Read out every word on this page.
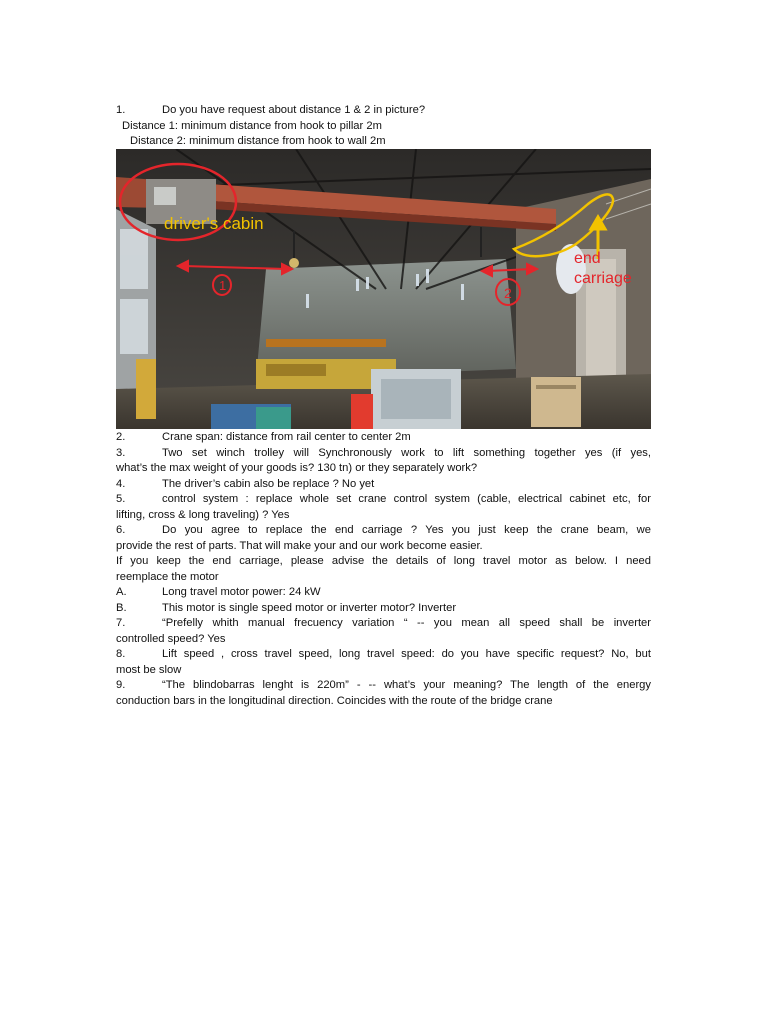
1.	Do you have request about distance 1 & 2 in picture?
Distance 1: minimum distance from hook to pillar 2m
Distance 2: minimum distance from hook to wall 2m
driver's cabin
1	2
end
carriage
2.	Crane span: distance from rail center to center 2m
3.	Two set winch trolley will Synchronously work to lift something together yes (if yes,
what’s the max weight of your goods is? 130 tn) or they separately work?
4.	The driver’s cabin also be replace ? No yet
5.	control system : replace whole set crane control system (cable, electrical cabinet etc, for
lifting, cross & long traveling) ? Yes
6.	Do you agree to replace the end carriage ? Yes you just keep the crane beam, we
provide the rest of parts. That will make your and our work become easier.
If you keep the end carriage, please advise the details of long travel motor as below. I need
reemplace the motor
A.	Long travel motor power: 24 kW
B.	This motor is single speed motor or inverter motor? Inverter
7.	“Prefelly whith manual frecuency variation “ -- you mean all speed shall be inverter
controlled speed? Yes
8.	Lift speed , cross travel speed, long travel speed: do you have specific request? No, but
most be slow
9.	“The blindobarras lenght is 220m” - -- what’s your meaning? The length of the energy
conduction bars in the longitudinal direction. Coincides with the route of the bridge crane
